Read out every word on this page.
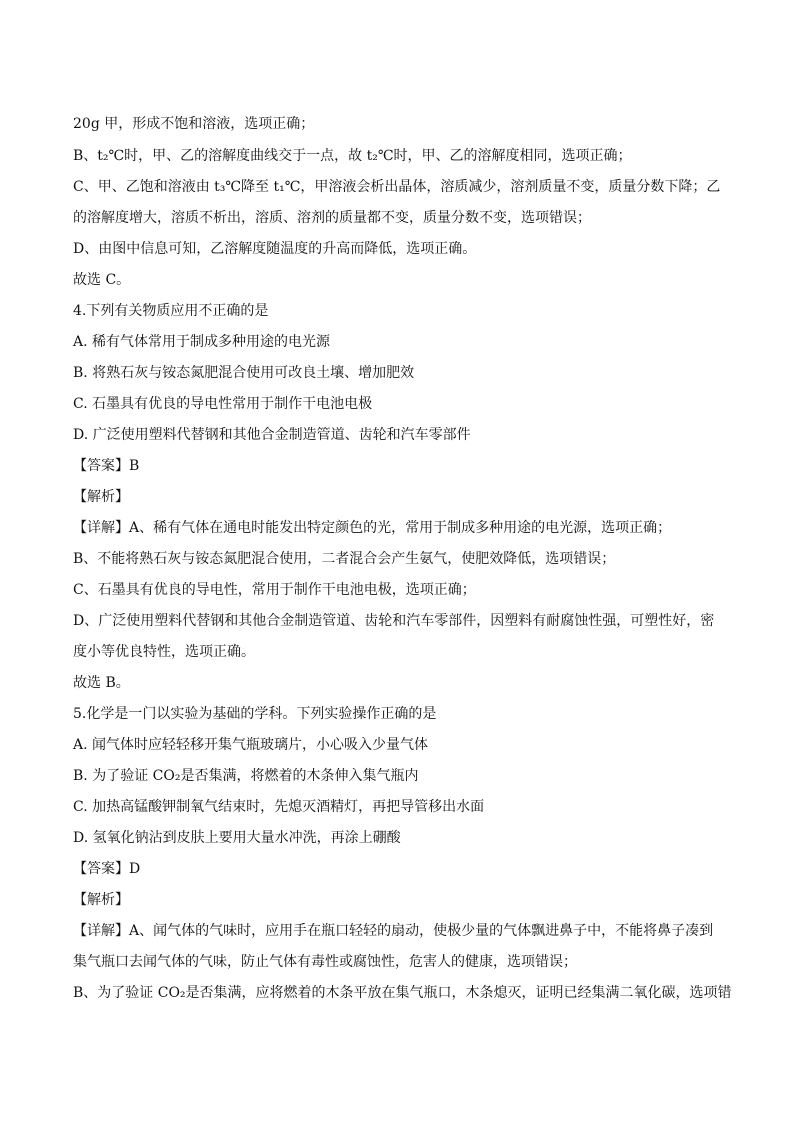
20g 甲，形成不饱和溶液，选项正确；
B、t₂℃时，甲、乙的溶解度曲线交于一点，故 t₂℃时，甲、乙的溶解度相同，选项正确；
C、甲、乙饱和溶液由 t₃℃降至 t₁℃，甲溶液会析出晶体，溶质减少，溶剂质量不变，质量分数下降；乙
的溶解度增大，溶质不析出，溶质、溶剂的质量都不变，质量分数不变，选项错误；
D、由图中信息可知，乙溶解度随温度的升高而降低，选项正确。
故选 C。
4.下列有关物质应用不正确的是
A. 稀有气体常用于制成多种用途的电光源
B. 将熟石灰与铵态氮肥混合使用可改良土壤、增加肥效
C. 石墨具有优良的导电性常用于制作干电池电极
D. 广泛使用塑料代替钢和其他合金制造管道、齿轮和汽车零部件
【答案】B
【解析】
【详解】A、稀有气体在通电时能发出特定颜色的光，常用于制成多种用途的电光源，选项正确；
B、不能将熟石灰与铵态氮肥混合使用，二者混合会产生氨气，使肥效降低，选项错误；
C、石墨具有优良的导电性，常用于制作干电池电极，选项正确；
D、广泛使用塑料代替钢和其他合金制造管道、齿轮和汽车零部件，因塑料有耐腐蚀性强，可塑性好，密
度小等优良特性，选项正确。
故选 B。
5.化学是一门以实验为基础的学科。下列实验操作正确的是
A. 闻气体时应轻轻移开集气瓶玻璃片，小心吸入少量气体
B. 为了验证 CO₂是否集满，将燃着的木条伸入集气瓶内
C. 加热高锰酸钾制氧气结束时，先熄灭酒精灯，再把导管移出水面
D. 氢氧化钠沾到皮肤上要用大量水冲洗，再涂上硼酸
【答案】D
【解析】
【详解】A、闻气体的气味时，应用手在瓶口轻轻的扇动，使极少量的气体飘进鼻子中，不能将鼻子凑到
集气瓶口去闻气体的气味，防止气体有毒性或腐蚀性，危害人的健康，选项错误；
B、为了验证 CO₂是否集满，应将燃着的木条平放在集气瓶口，木条熄灭，证明已经集满二氧化碳，选项错
